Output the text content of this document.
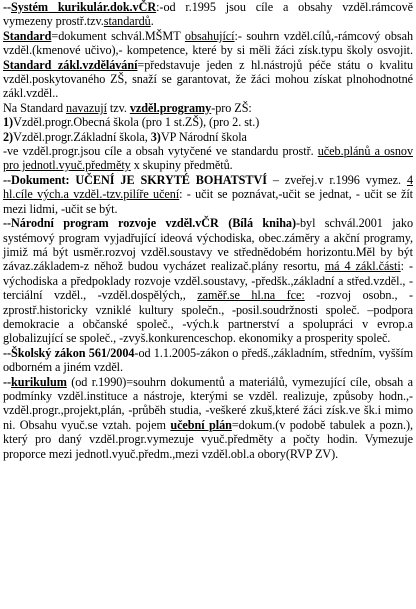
--Systém kurikulár.dok.vČR:-od r.1995 jsou cíle a obsahy vzděl.rámcově vymezeny prostř.tzv.standardů.

Standard=dokument schvál.MŠMT obsahující:- souhrn vzděl.cílů,-rámcový obsah vzděl.(kmenové učivo),- kompetence, které by si měli žáci získ.typu školy osvojit. Standard zákl.vzdělávání=představuje jeden z hl.nástrojů péče státu o kvalitu vzděl.poskytovaného ZŠ, snaží se garantovat, že žáci mohou získat plnohodnotné zákl.vzděl..

Na Standard navazují tzv. vzděl.programy-pro ZŠ:

1)Vzděl.progr.Obecná škola (pro 1 st.ZŠ), (pro 2. st.)

2)Vzděl.progr.Základní škola, 3)VP Národní škola

-ve vzděl.progr.jsou cíle a obsah vytyčené ve standardu prostř. učeb.plánů a osnov pro jednotl.vyuč.předměty x skupiny předmětů.

--Dokument: UČENÍ JE SKRYTÉ BOHATSTVÍ – zveřej.v r.1996 vymez. 4 hl.cíle vých.a vzděl.-tzv.pilíře učení: - učit se poznávat,-učit se jednat, - učit se žít mezi lidmi, -učit se být.

--Národní program rozvoje vzděl.vČR (Bílá kniha)-byl schvál.2001 jako systémový program vyjadřující ideová východiska, obec.záměry a akční programy, jimiž má být usměr.rozvoj vzděl.soustavy ve střednědobém horizontu.Měl by být závaz.základem-z něhož budou vycházet realizač.plány resortu, má 4 zákl.části: -východiska a předpoklady rozvoje vzděl.soustavy, -předšk.,základní a střed.vzděl., -terciální vzděl., -vzděl.dospělých,, zaměř.se hl.na fce: -rozvoj osobn., -zprostř.historicky vzniklé kultury společn., -posil.soudržnosti společ. –podpora demokracie a občanské společ., -vých.k partnerství a spolupráci v evrop.a globalizující se společ., -zvyš.konkurenceschop. ekonomiky a prosperity společ.

--Školský zákon 561/2004-od 1.1.2005-zákon o předš.,základním, středním, vyšším odborném a jiném vzděl.

--kurikulum (od r.1990)=souhrn dokumentů a materiálů, vymezující cíle, obsah a podmínky vzděl.instituce a nástroje, kterými se vzděl. realizuje, způsoby hodn.,-vzděl.progr.,projekt,plán, -průběh studia, -veškeré zkuš,které žáci získ.ve šk.i mimo ni. Obsahu vyuč.se vztah. pojem učební plán=dokum.(v podobě tabulek a pozn.), který pro daný vzděl.progr.vymezuje vyuč.předměty a počty hodin. Vymezuje proporce mezi jednotl.vyuč.předm.,mezi vzděl.obl.a obory(RVP ZV).
